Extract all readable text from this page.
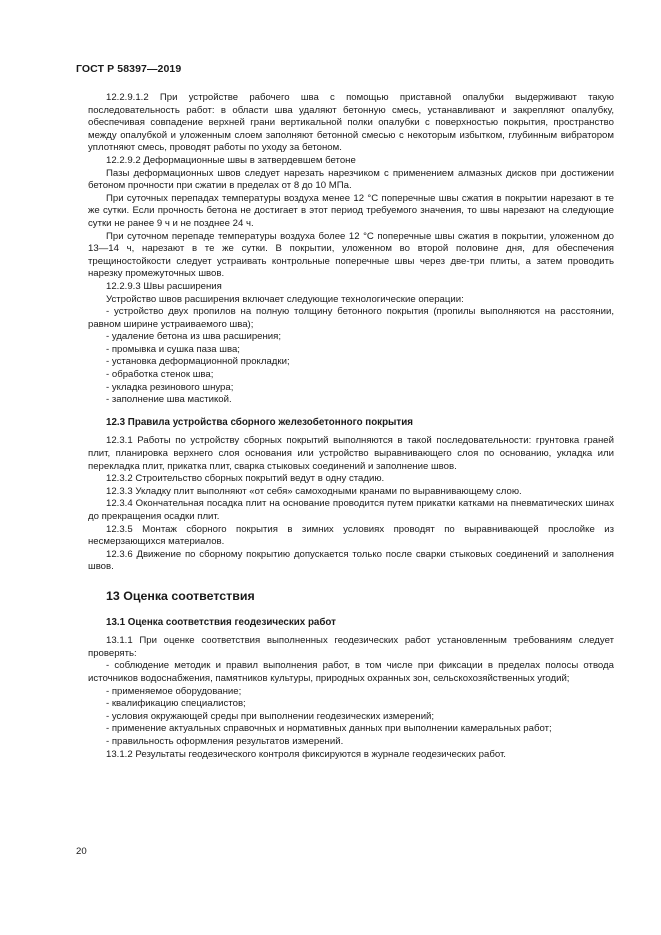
ГОСТ Р 58397—2019
12.2.9.1.2 При устройстве рабочего шва с помощью приставной опалубки выдерживают такую последовательность работ: в области шва удаляют бетонную смесь, устанавливают и закрепляют опалубку, обеспечивая совпадение верхней грани вертикальной полки опалубки с поверхностью покрытия, пространство между опалубкой и уложенным слоем заполняют бетонной смесью с некоторым избытком, глубинным вибратором уплотняют смесь, проводят работы по уходу за бетоном.
12.2.9.2 Деформационные швы в затвердевшем бетоне
Пазы деформационных швов следует нарезать нарезчиком с применением алмазных дисков при достижении бетоном прочности при сжатии в пределах от 8 до 10 МПа.
При суточных перепадах температуры воздуха менее 12 °С поперечные швы сжатия в покрытии нарезают в те же сутки. Если прочность бетона не достигает в этот период требуемого значения, то швы нарезают на следующие сутки не ранее 9 ч и не позднее 24 ч.
При суточном перепаде температуры воздуха более 12 °С поперечные швы сжатия в покрытии, уложенном до 13—14 ч, нарезают в те же сутки. В покрытии, уложенном во второй половине дня, для обеспечения трещиностойкости следует устраивать контрольные поперечные швы через две-три плиты, а затем проводить нарезку промежуточных швов.
12.2.9.3 Швы расширения
Устройство швов расширения включает следующие технологические операции:
- устройство двух пропилов на полную толщину бетонного покрытия (пропилы выполняются на расстоянии, равном ширине устраиваемого шва);
- удаление бетона из шва расширения;
- промывка и сушка паза шва;
- установка деформационной прокладки;
- обработка стенок шва;
- укладка резинового шнура;
- заполнение шва мастикой.
12.3 Правила устройства сборного железобетонного покрытия
12.3.1 Работы по устройству сборных покрытий выполняются в такой последовательности: грунтовка граней плит, планировка верхнего слоя основания или устройство выравнивающего слоя по основанию, укладка или перекладка плит, прикатка плит, сварка стыковых соединений и заполнение швов.
12.3.2 Строительство сборных покрытий ведут в одну стадию.
12.3.3 Укладку плит выполняют «от себя» самоходными кранами по выравнивающему слою.
12.3.4 Окончательная посадка плит на основание проводится путем прикатки катками на пневматических шинах до прекращения осадки плит.
12.3.5 Монтаж сборного покрытия в зимних условиях проводят по выравнивающей прослойке из несмерзающихся материалов.
12.3.6 Движение по сборному покрытию допускается только после сварки стыковых соединений и заполнения швов.
13 Оценка соответствия
13.1 Оценка соответствия геодезических работ
13.1.1 При оценке соответствия выполненных геодезических работ установленным требованиям следует проверять:
- соблюдение методик и правил выполнения работ, в том числе при фиксации в пределах полосы отвода источников водоснабжения, памятников культуры, природных охранных зон, сельскохозяйственных угодий;
- применяемое оборудование;
- квалификацию специалистов;
- условия окружающей среды при выполнении геодезических измерений;
- применение актуальных справочных и нормативных данных при выполнении камеральных работ;
- правильность оформления результатов измерений.
13.1.2 Результаты геодезического контроля фиксируются в журнале геодезических работ.
20
